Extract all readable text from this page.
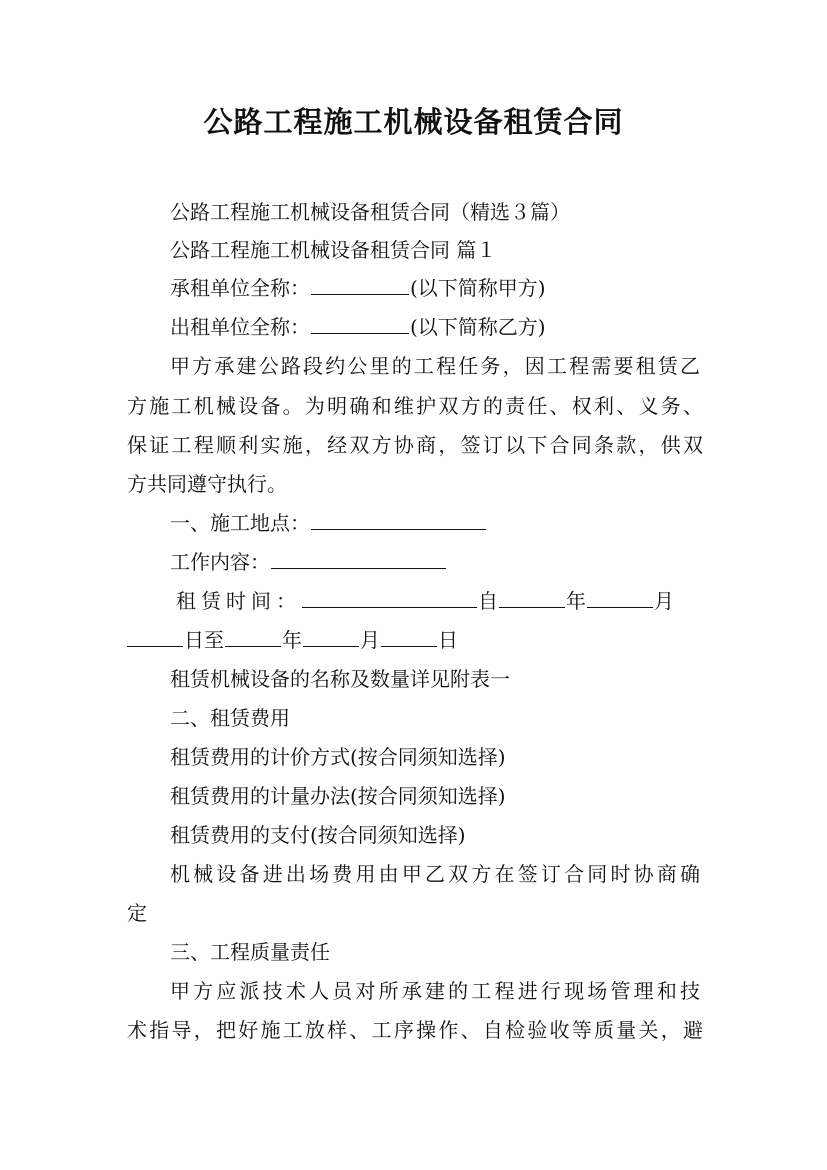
公路工程施工机械设备租赁合同

公路工程施工机械设备租赁合同（精选３篇）

公路工程施工机械设备租赁合同 篇１

承租单位全称：	(以下简称甲方)

出租单位全称：	(以下简称乙方)

甲方承建公路段约公里的工程任务，因工程需要租赁乙

方施工机械设备。为明确和维护双方的责任、权利、义务、

保证工程顺利实施，经双方协商，签订以下合同条款，供双

方共同遵守执行。

一、施工地点：

工作内容：

租赁时间：	自	年	月

日至	年	月	日

租赁机械设备的名称及数量详见附表一

二、租赁费用

租赁费用的计价方式(按合同须知选择)

租赁费用的计量办法(按合同须知选择)

租赁费用的支付(按合同须知选择)

机械设备进出场费用由甲乙双方在签订合同时协商确

定

三、工程质量责任

甲方应派技术人员对所承建的工程进行现场管理和技

术指导，把好施工放样、工序操作、自检验收等质量关，避
